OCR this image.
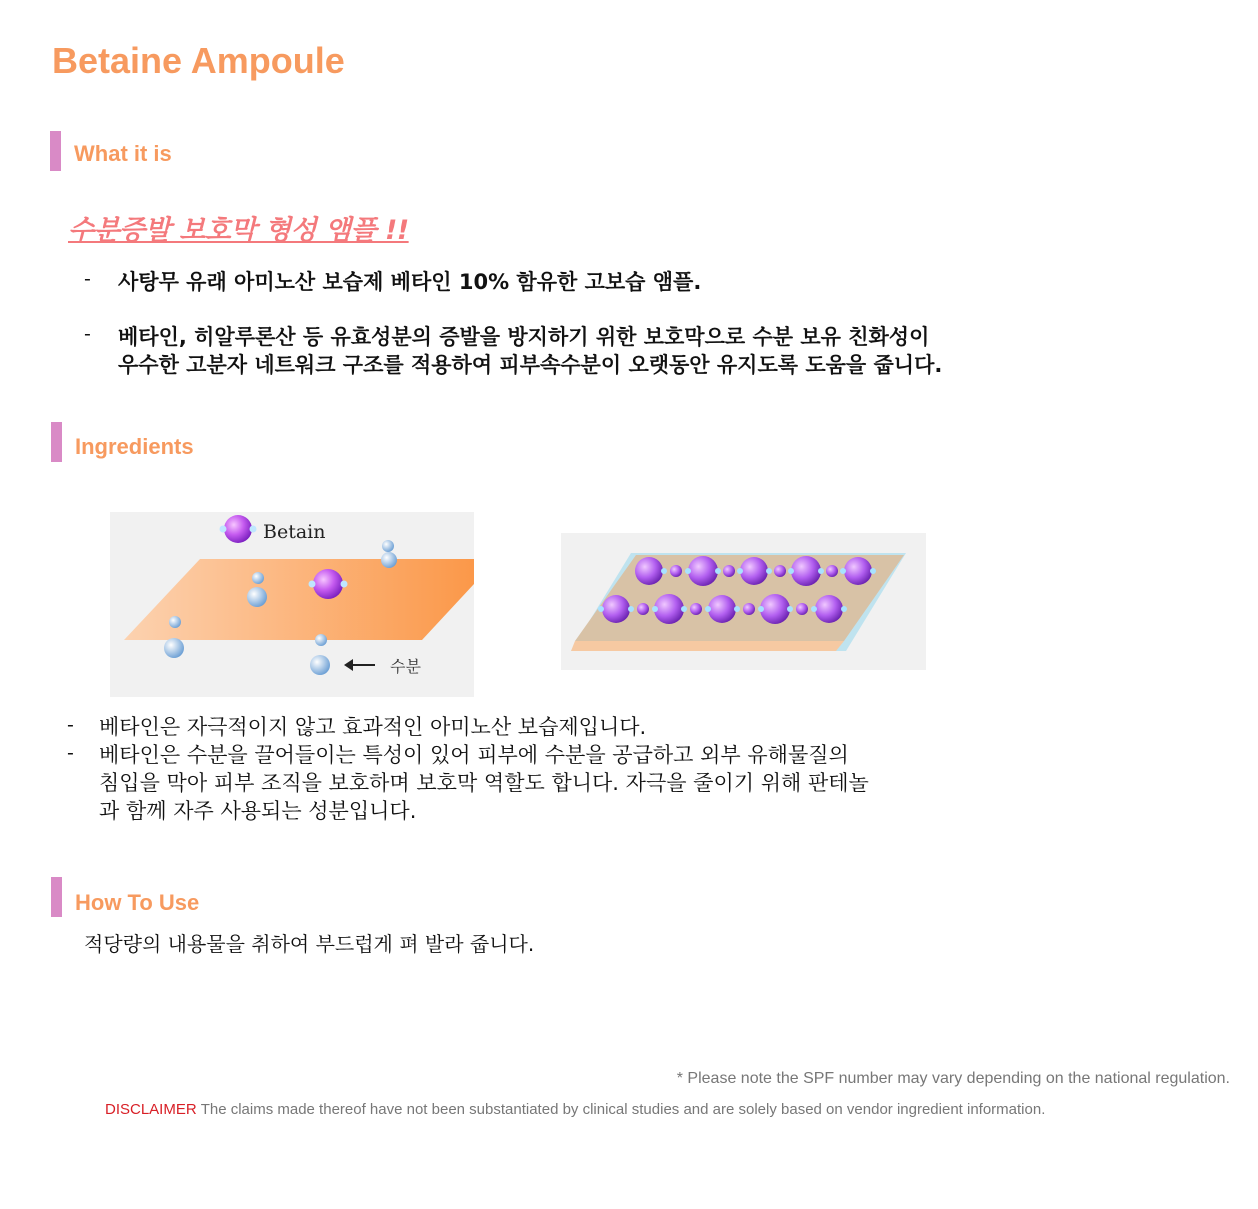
Betaine Ampoule
What it is
수분증발 보호막 형성 앰플 !!
- 사탕무 유래 아미노산 보습제 베타인 10% 함유한 고보습 앰플.
- 베타인, 히알루론산 등 유효성분의 증발을 방지하기 위한 보호막으로 수분 보유 친화성이
우수한 고분자 네트워크 구조를 적용하여 피부속수분이 오랫동안 유지도록 도움을 줍니다.
Ingredients
Betain
수분
- 베타인은 자극적이지 않고 효과적인 아미노산 보습제입니다.
- 베타인은 수분을 끌어들이는 특성이 있어 피부에 수분을 공급하고 외부 유해물질의
침입을 막아 피부 조직을 보호하며 보호막 역할도 합니다. 자극을 줄이기 위해 판테놀
과 함께 자주 사용되는 성분입니다.
How To Use
적당량의 내용물을 취하여 부드럽게 펴 발라 줍니다.
* Please note the SPF number may vary depending on the national regulation.
DISCLAIMER The claims made thereof have not been substantiated by clinical studies and are solely based on vendor ingredient information.
